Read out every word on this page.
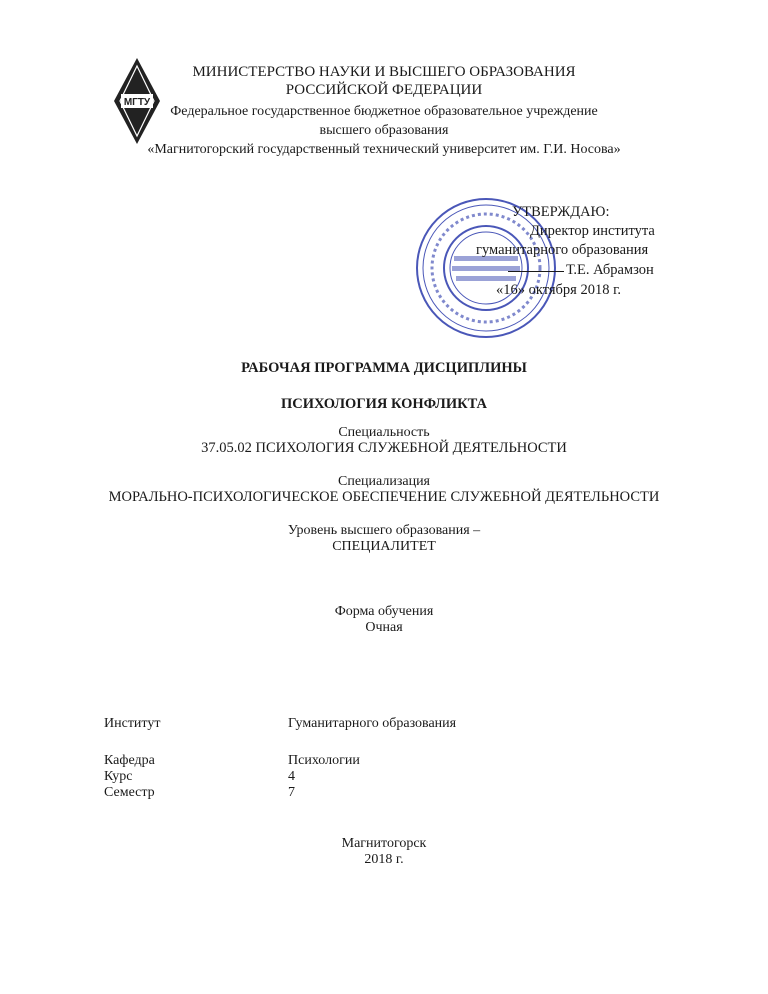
МГТУ
МИНИСТЕРСТВО НАУКИ И ВЫСШЕГО ОБРАЗОВАНИЯ
РОССИЙСКОЙ ФЕДЕРАЦИИ
Федеральное государственное бюджетное образовательное учреждение
высшего образования
«Магнитогорский государственный технический университет им. Г.И. Носова»
УТВЕРЖДАЮ:
Директор института
гуманитарного образования
Т.Е. Абрамзон
«16» октября 2018 г.
РАБОЧАЯ ПРОГРАММА ДИСЦИПЛИНЫ
ПСИХОЛОГИЯ КОНФЛИКТА
Специальность
37.05.02 ПСИХОЛОГИЯ СЛУЖЕБНОЙ ДЕЯТЕЛЬНОСТИ
Специализация
МОРАЛЬНО-ПСИХОЛОГИЧЕСКОЕ ОБЕСПЕЧЕНИЕ СЛУЖЕБНОЙ ДЕЯТЕЛЬНОСТИ
Уровень высшего образования –
СПЕЦИАЛИТЕТ
Форма обучения
Очная
Институт	Гуманитарного образования
Кафедра	Психологии
Курс	4
Семестр	7
Магнитогорск
2018 г.
